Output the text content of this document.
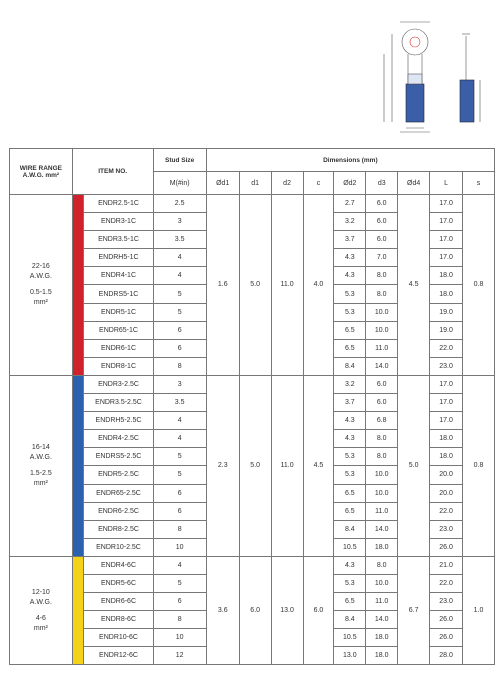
WIRE RANGE
A.W.G. mm²	ITEM NO.		Stud Size	Dimensions (mm)								
			M(#in)	Ød1	d1	d2	c	Ød2	d3	Ød4	L	s

22-16
A.W.G.
0.5-1.5
mm²		ENDR2.5-1C	2.5	1.6	5.0	11.0	4.0	2.7	6.0	4.5	17.0	0.8
		ENDR3-1C	3					3.2	6.0		17.0	
		ENDR3.5-1C	3.5					3.7	6.0		17.0	
		ENDRH5-1C	4					4.3	7.0		17.0	
		ENDR4-1C	4					4.3	8.0		18.0	
		ENDRS5-1C	5					5.3	8.0		18.0	
		ENDR5-1C	5					5.3	10.0		19.0	
		ENDR65-1C	6					6.5	10.0		19.0	
		ENDR6-1C	6					6.5	11.0		22.0	
		ENDR8-1C	8					8.4	14.0		23.0	

16-14
A.W.G.
1.5-2.5
mm²		ENDR3-2.5C	3	2.3	5.0	11.0	4.5	3.2	6.0	5.0	17.0	0.8
		ENDR3.5-2.5C	3.5					3.7	6.0		17.0	
		ENDRH5-2.5C	4					4.3	6.8		17.0	
		ENDR4-2.5C	4					4.3	8.0		18.0	
		ENDRS5-2.5C	5					5.3	8.0		18.0	
		ENDR5-2.5C	5					5.3	10.0		20.0	
		ENDR65-2.5C	6					6.5	10.0		20.0	
		ENDR6-2.5C	6					6.5	11.0		22.0	
		ENDR8-2.5C	8					8.4	14.0		23.0	
		ENDR10-2.5C	10					10.5	18.0		26.0	

12-10
A.W.G.
4-6
mm²		ENDR4-6C	4	3.6	6.0	13.0	6.0	4.3	8.0	6.7	21.0	1.0
		ENDR5-6C	5					5.3	10.0		22.0	
		ENDR6-6C	6					6.5	11.0		23.0	
		ENDR8-6C	8					8.4	14.0		26.0	
		ENDR10-6C	10					10.5	18.0		26.0	
		ENDR12-6C	12					13.0	18.0		28.0	
